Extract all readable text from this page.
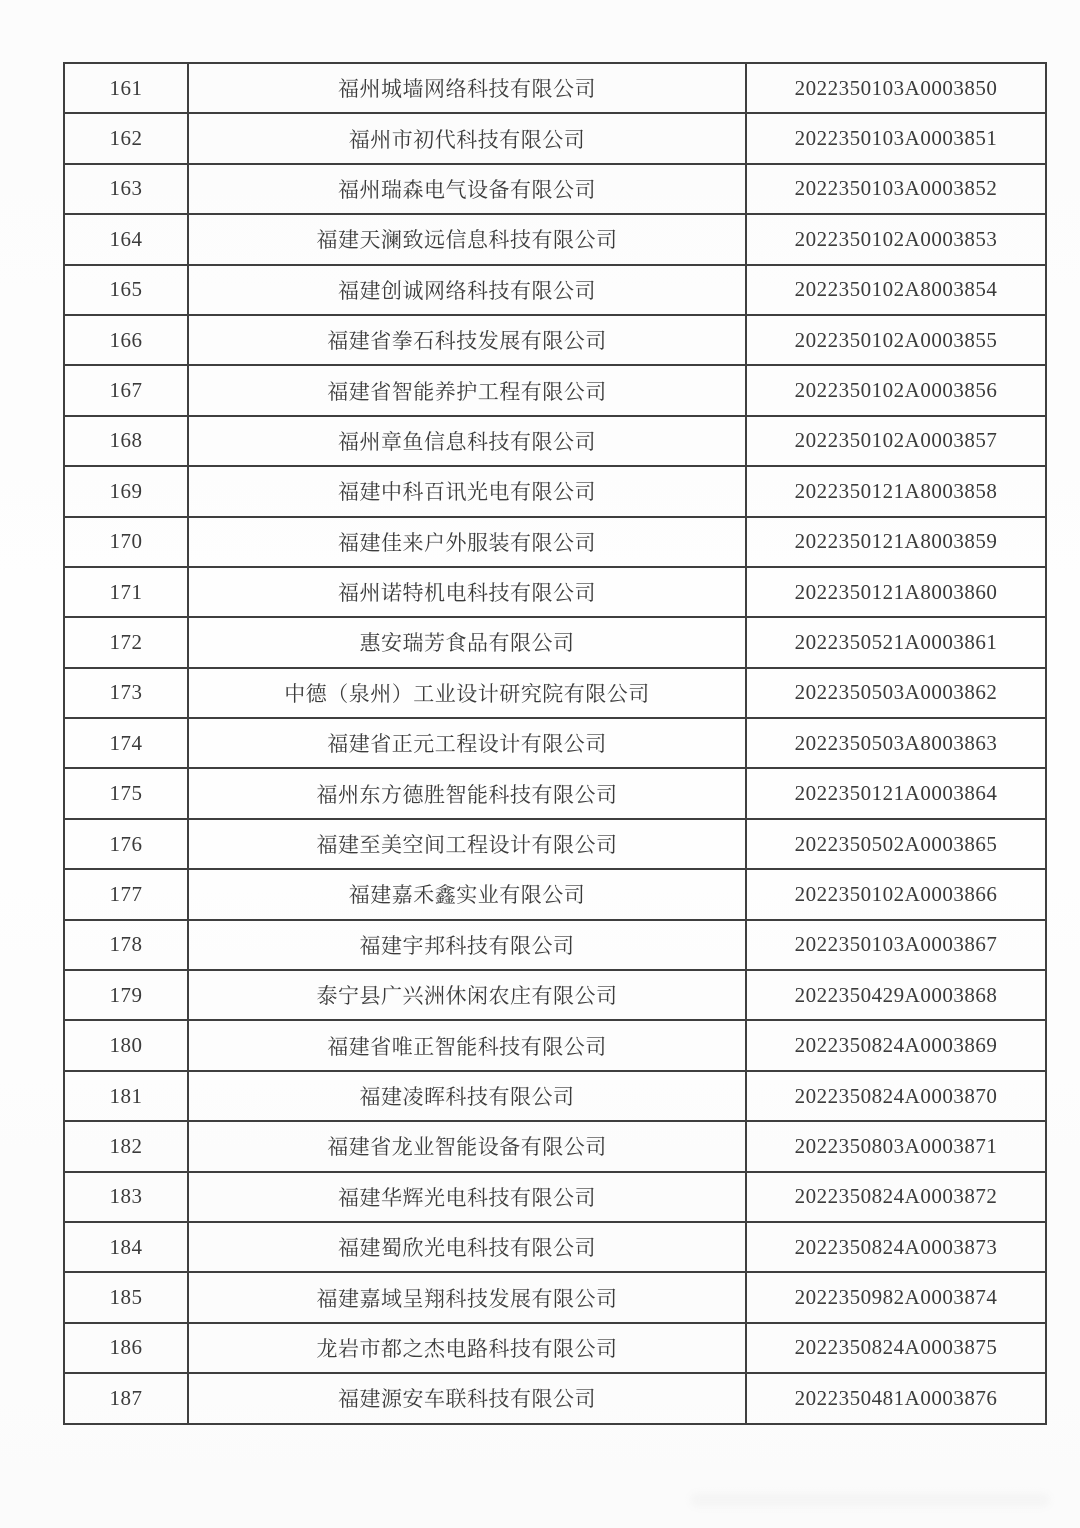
161	福州城墙网络科技有限公司	2022350103A0003850
162	福州市初代科技有限公司	2022350103A0003851
163	福州瑞森电气设备有限公司	2022350103A0003852
164	福建天澜致远信息科技有限公司	2022350102A0003853
165	福建创诚网络科技有限公司	2022350102A8003854
166	福建省拳石科技发展有限公司	2022350102A0003855
167	福建省智能养护工程有限公司	2022350102A0003856
168	福州章鱼信息科技有限公司	2022350102A0003857
169	福建中科百讯光电有限公司	2022350121A8003858
170	福建佳来户外服装有限公司	2022350121A8003859
171	福州诺特机电科技有限公司	2022350121A8003860
172	惠安瑞芳食品有限公司	2022350521A0003861
173	中德（泉州）工业设计研究院有限公司	2022350503A0003862
174	福建省正元工程设计有限公司	2022350503A8003863
175	福州东方德胜智能科技有限公司	2022350121A0003864
176	福建至美空间工程设计有限公司	2022350502A0003865
177	福建嘉禾鑫实业有限公司	2022350102A0003866
178	福建宇邦科技有限公司	2022350103A0003867
179	泰宁县广兴洲休闲农庄有限公司	2022350429A0003868
180	福建省唯正智能科技有限公司	2022350824A0003869
181	福建凌晖科技有限公司	2022350824A0003870
182	福建省龙业智能设备有限公司	2022350803A0003871
183	福建华辉光电科技有限公司	2022350824A0003872
184	福建蜀欣光电科技有限公司	2022350824A0003873
185	福建嘉域呈翔科技发展有限公司	2022350982A0003874
186	龙岩市都之杰电路科技有限公司	2022350824A0003875
187	福建源安车联科技有限公司	2022350481A0003876
